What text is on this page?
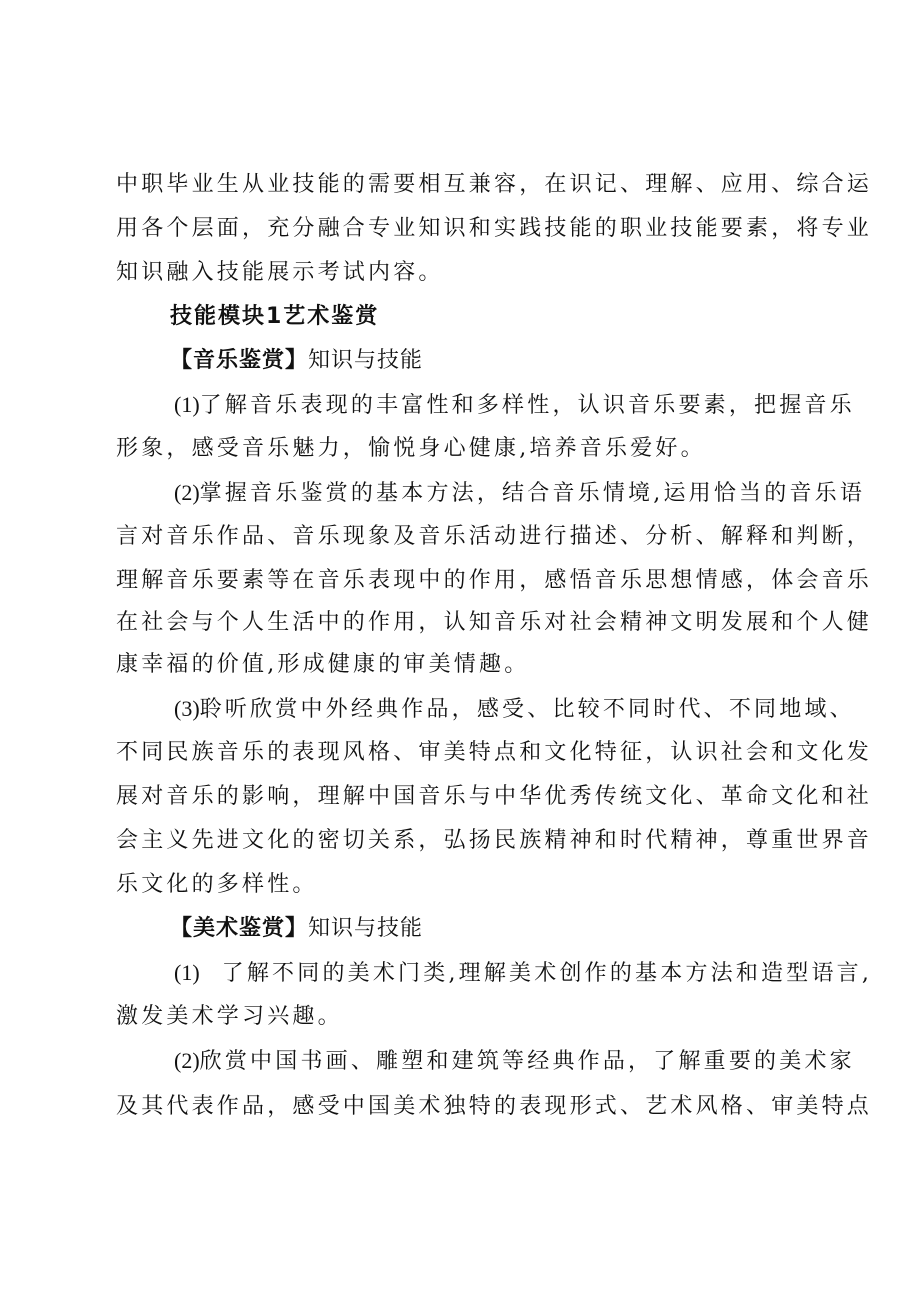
中职毕业生从业技能的需要相互兼容，在识记、理解、应用、综合运
用各个层面，充分融合专业知识和实践技能的职业技能要素，将专业
知识融入技能展示考试内容。
技能模块1艺术鉴赏
【音乐鉴赏】知识与技能
(1)了解音乐表现的丰富性和多样性，认识音乐要素，把握音乐
形象，感受音乐魅力，愉悦身心健康,培养音乐爱好。
(2)掌握音乐鉴赏的基本方法，结合音乐情境,运用恰当的音乐语
言对音乐作品、音乐现象及音乐活动进行描述、分析、解释和判断，
理解音乐要素等在音乐表现中的作用，感悟音乐思想情感，体会音乐
在社会与个人生活中的作用，认知音乐对社会精神文明发展和个人健
康幸福的价值,形成健康的审美情趣。
(3)聆听欣赏中外经典作品，感受、比较不同时代、不同地域、
不同民族音乐的表现风格、审美特点和文化特征，认识社会和文化发
展对音乐的影响，理解中国音乐与中华优秀传统文化、革命文化和社
会主义先进文化的密切关系，弘扬民族精神和时代精神，尊重世界音
乐文化的多样性。
【美术鉴赏】知识与技能
(1) 了解不同的美术门类,理解美术创作的基本方法和造型语言,
激发美术学习兴趣。
(2)欣赏中国书画、雕塑和建筑等经典作品，了解重要的美术家
及其代表作品，感受中国美术独特的表现形式、艺术风格、审美特点
